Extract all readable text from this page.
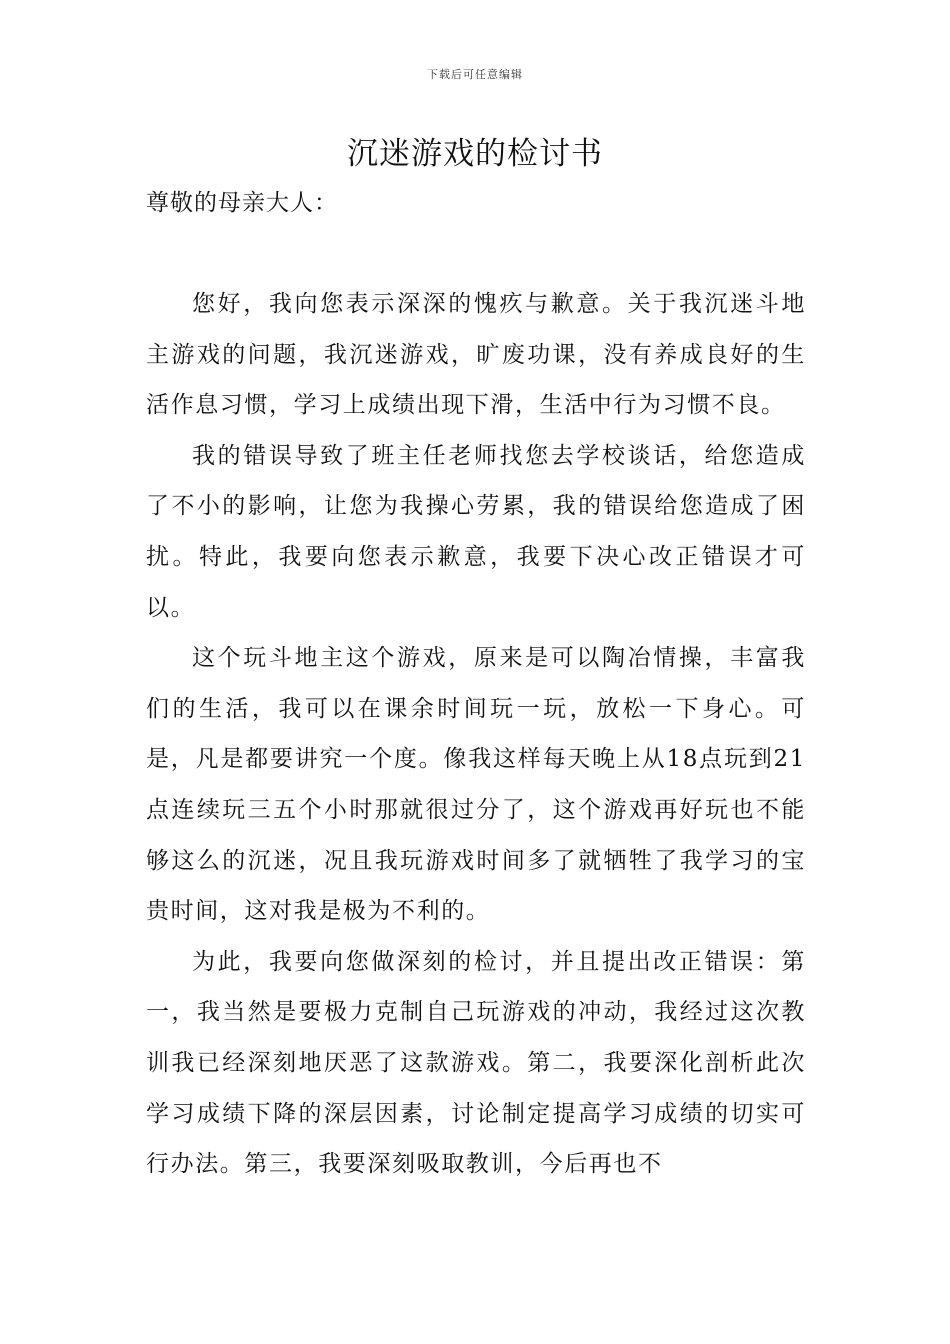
下载后可任意编辑
沉迷游戏的检讨书
尊敬的母亲大人：

您好，我向您表示深深的愧疚与歉意。关于我沉迷斗地主游戏的问题，我沉迷游戏，旷废功课，没有养成良好的生活作息习惯，学习上成绩出现下滑，生活中行为习惯不良。

我的错误导致了班主任老师找您去学校谈话，给您造成了不小的影响，让您为我操心劳累，我的错误给您造成了困扰。特此，我要向您表示歉意，我要下决心改正错误才可以。

这个玩斗地主这个游戏，原来是可以陶冶情操，丰富我们的生活，我可以在课余时间玩一玩，放松一下身心。可是，凡是都要讲究一个度。像我这样每天晚上从18点玩到21点连续玩三五个小时那就很过分了，这个游戏再好玩也不能够这么的沉迷，况且我玩游戏时间多了就牺牲了我学习的宝贵时间，这对我是极为不利的。

为此，我要向您做深刻的检讨，并且提出改正错误：第一，我当然是要极力克制自己玩游戏的冲动，我经过这次教训我已经深刻地厌恶了这款游戏。第二，我要深化剖析此次学习成绩下降的深层因素，讨论制定提高学习成绩的切实可行办法。第三，我要深刻吸取教训，今后再也不
